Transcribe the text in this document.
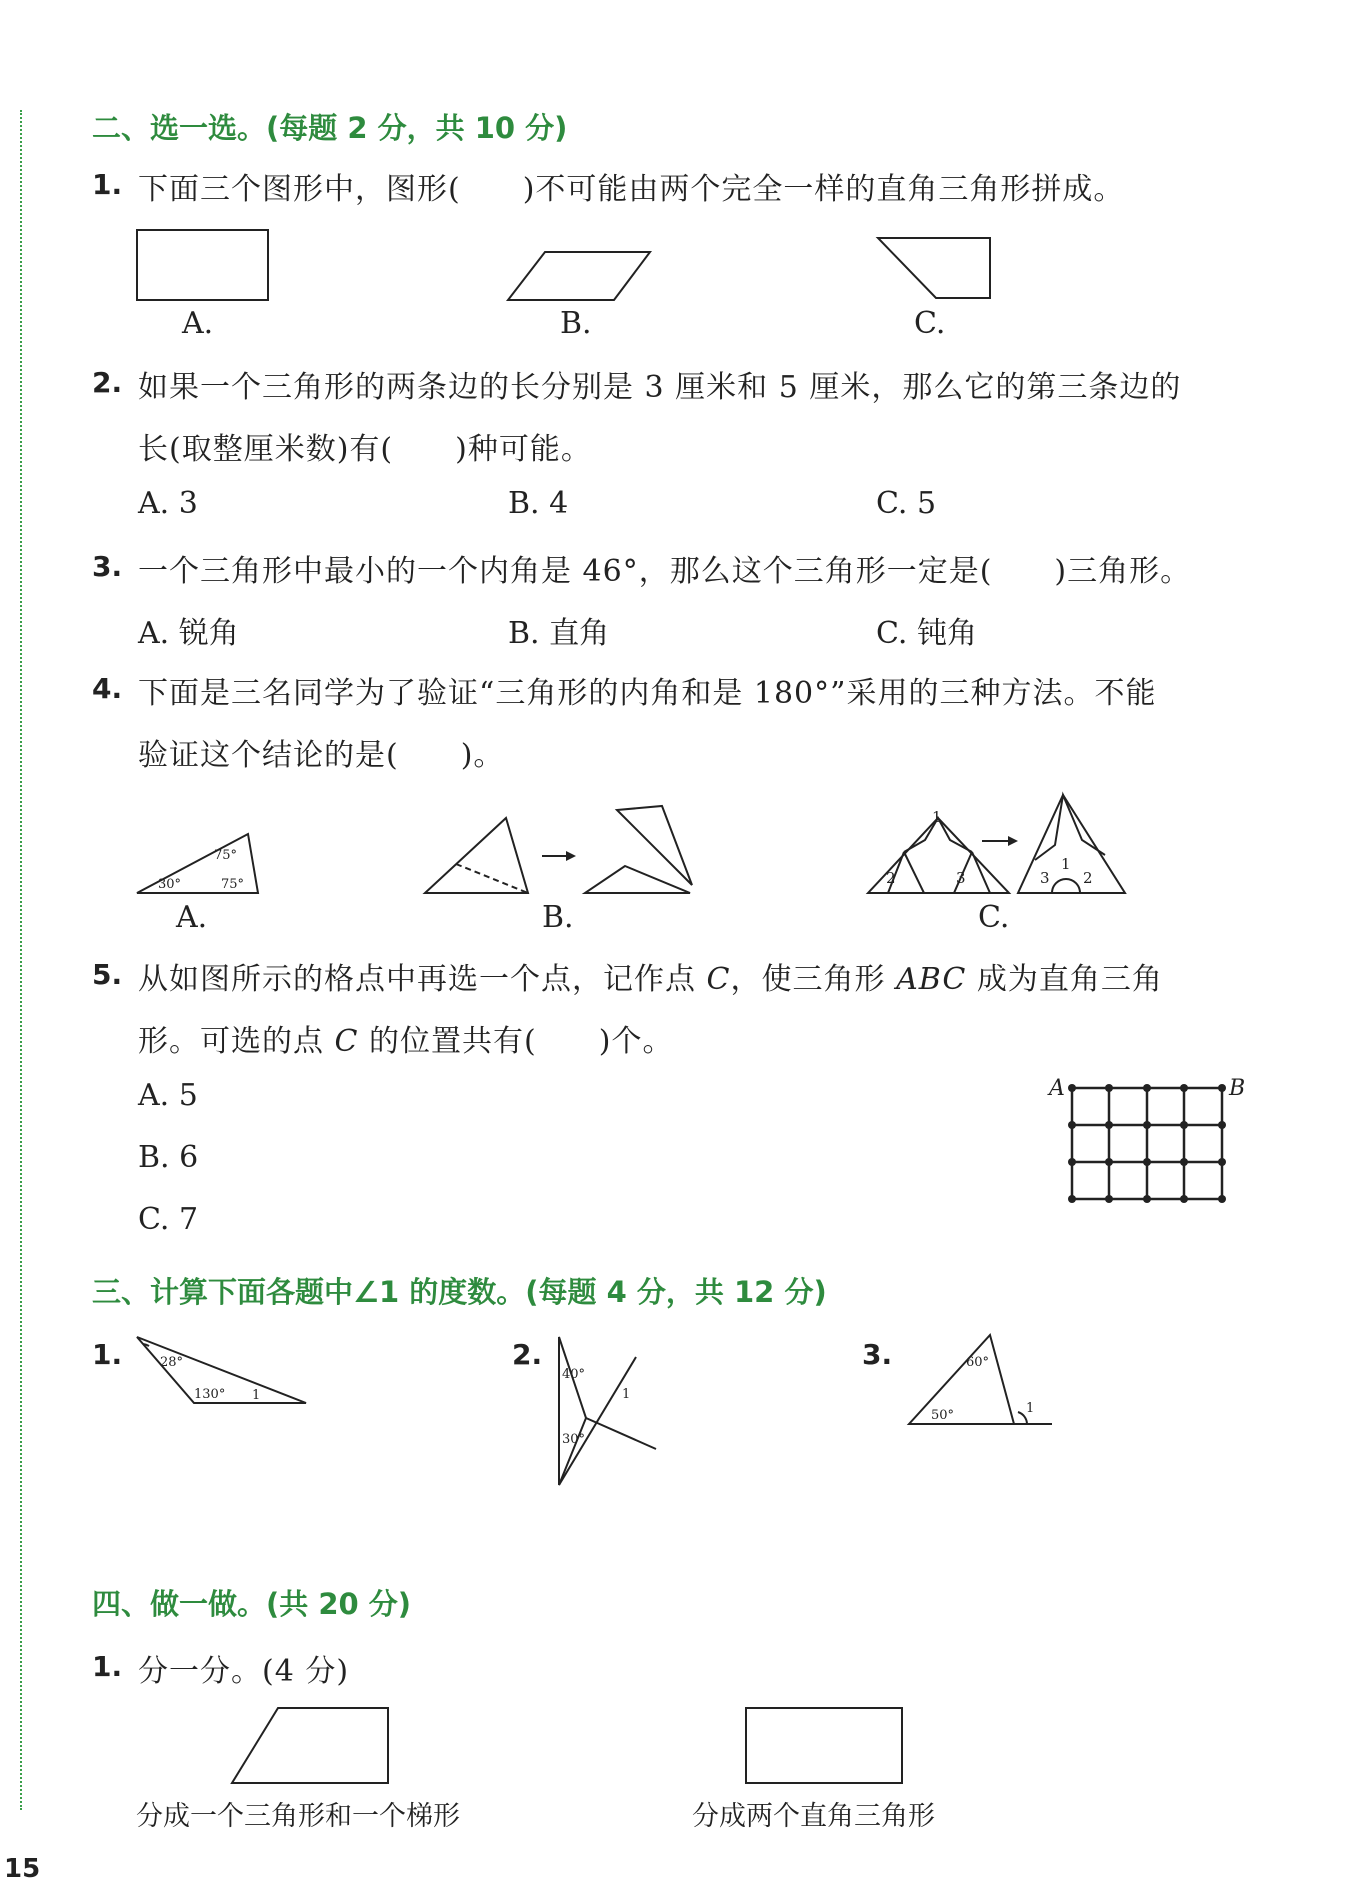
二、选一选。(每题 2 分，共 10 分)
1. 下面三个图形中，图形(　　)不可能由两个完全一样的直角三角形拼成。
A.	B.	C.
2. 如果一个三角形的两条边的长分别是 3 厘米和 5 厘米，那么它的第三条边的
长(取整厘米数)有(　　)种可能。
A. 3	B. 4	C. 5
3. 一个三角形中最小的一个内角是 46°，那么这个三角形一定是(　　)三角形。
A. 锐角	B. 直角	C. 钝角
4. 下面是三名同学为了验证“三角形的内角和是 180°”采用的三种方法。不能
验证这个结论的是(　　)。
A.	B.	C.
5. 从如图所示的格点中再选一个点，记作点 C，使三角形 ABC 成为直角三角
形。可选的点 C 的位置共有(　　)个。
A. 5
B. 6
C. 7
三、计算下面各题中∠1 的度数。(每题 4 分，共 12 分)
1.	2.	3.
四、做一做。(共 20 分)
1. 分一分。(4 分)
分成一个三角形和一个梯形	分成两个直角三角形
15
75°
30°	75°
1
2	3	3
1
2
A	B
28°
130° 1
40°
1
30°
60°
50°	1
